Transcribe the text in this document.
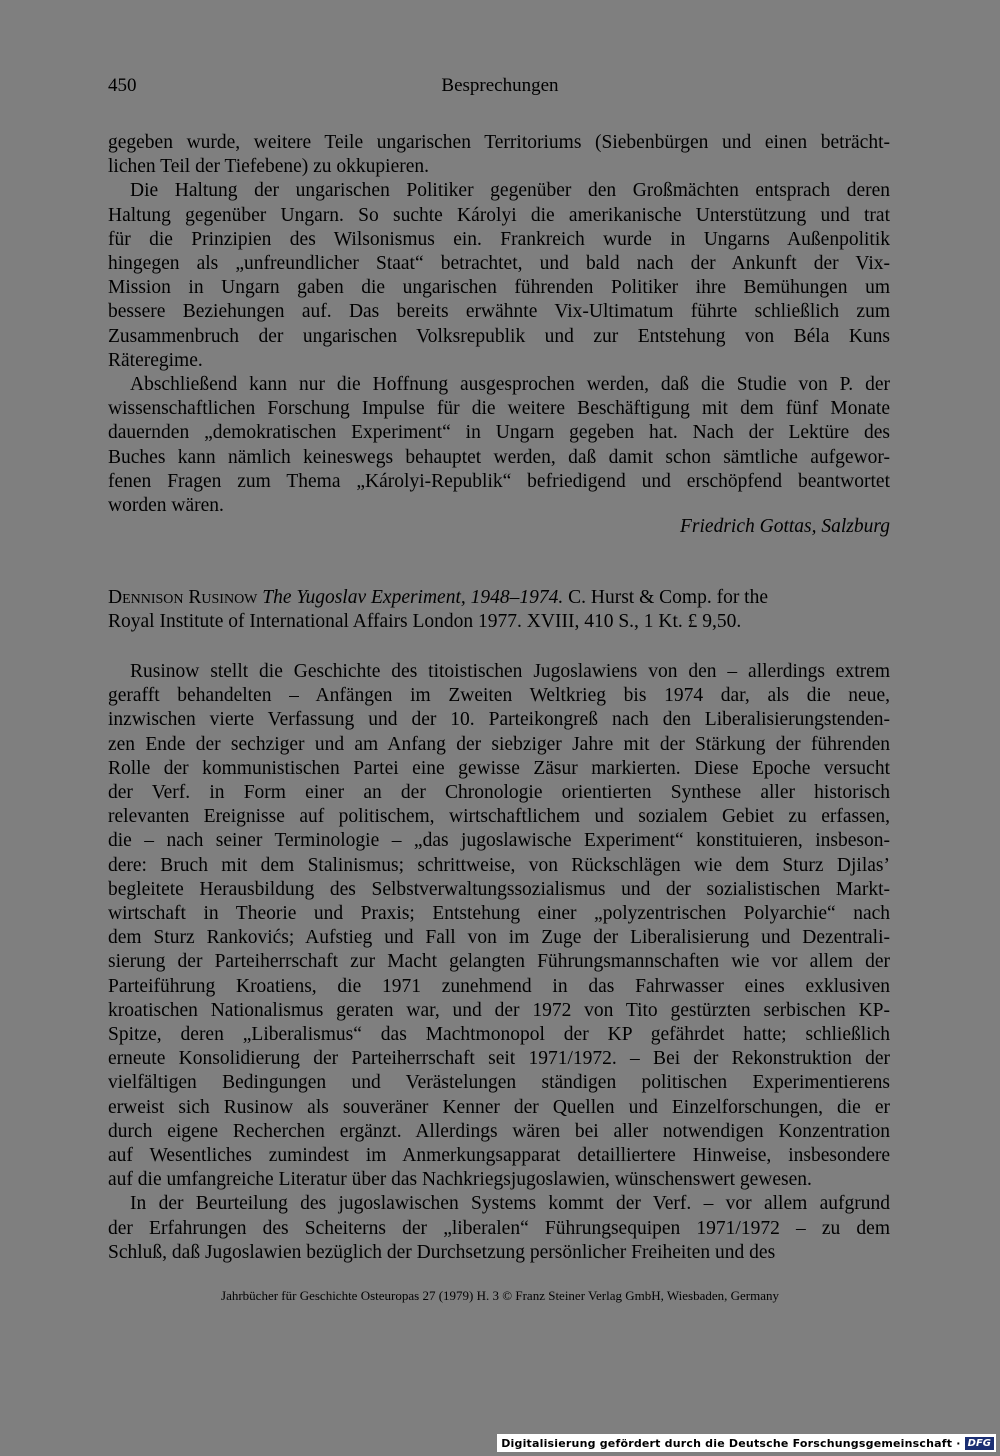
450	Besprechungen

gegeben wurde, weitere Teile ungarischen Territoriums (Siebenbürgen und einen beträcht-
lichen Teil der Tiefebene) zu okkupieren.

Die Haltung der ungarischen Politiker gegenüber den Großmächten entsprach deren
Haltung gegenüber Ungarn. So suchte Károlyi die amerikanische Unterstützung und trat
für die Prinzipien des Wilsonismus ein. Frankreich wurde in Ungarns Außenpolitik
hingegen als „unfreundlicher Staat“ betrachtet, und bald nach der Ankunft der Vix-
Mission in Ungarn gaben die ungarischen führenden Politiker ihre Bemühungen um
bessere Beziehungen auf. Das bereits erwähnte Vix-Ultimatum führte schließlich zum
Zusammenbruch der ungarischen Volksrepublik und zur Entstehung von Béla Kuns
Räteregime.

Abschließend kann nur die Hoffnung ausgesprochen werden, daß die Studie von P. der
wissenschaftlichen Forschung Impulse für die weitere Beschäftigung mit dem fünf Monate
dauernden „demokratischen Experiment“ in Ungarn gegeben hat. Nach der Lektüre des
Buches kann nämlich keineswegs behauptet werden, daß damit schon sämtliche aufgewor-
fenen Fragen zum Thema „Károlyi-Republik“ befriedigend und erschöpfend beantwortet
worden wären.

Friedrich Gottas, Salzburg
Dennison Rusinow The Yugoslav Experiment, 1948–1974. C. Hurst & Comp. for the
Royal Institute of International Affairs London 1977. XVIII, 410 S., 1 Kt. £ 9,50.

Rusinow stellt die Geschichte des titoistischen Jugoslawiens von den – allerdings extrem
gerafft behandelten – Anfängen im Zweiten Weltkrieg bis 1974 dar, als die neue,
inzwischen vierte Verfassung und der 10. Parteikongreß nach den Liberalisierungstenden-
zen Ende der sechziger und am Anfang der siebziger Jahre mit der Stärkung der führenden
Rolle der kommunistischen Partei eine gewisse Zäsur markierten. Diese Epoche versucht
der Verf. in Form einer an der Chronologie orientierten Synthese aller historisch
relevanten Ereignisse auf politischem, wirtschaftlichem und sozialem Gebiet zu erfassen,
die – nach seiner Terminologie – „das jugoslawische Experiment“ konstituieren, insbeson-
dere: Bruch mit dem Stalinismus; schrittweise, von Rückschlägen wie dem Sturz Djilas’
begleitete Herausbildung des Selbstverwaltungssozialismus und der sozialistischen Markt-
wirtschaft in Theorie und Praxis; Entstehung einer „polyzentrischen Polyarchie“ nach
dem Sturz Rankovićs; Aufstieg und Fall von im Zuge der Liberalisierung und Dezentrali-
sierung der Parteiherrschaft zur Macht gelangten Führungsmannschaften wie vor allem der
Parteiführung Kroatiens, die 1971 zunehmend in das Fahrwasser eines exklusiven
kroatischen Nationalismus geraten war, und der 1972 von Tito gestürzten serbischen KP-
Spitze, deren „Liberalismus“ das Machtmonopol der KP gefährdet hatte; schließlich
erneute Konsolidierung der Parteiherrschaft seit 1971/1972. – Bei der Rekonstruktion der
vielfältigen Bedingungen und Verästelungen ständigen politischen Experimentierens
erweist sich Rusinow als souveräner Kenner der Quellen und Einzelforschungen, die er
durch eigene Recherchen ergänzt. Allerdings wären bei aller notwendigen Konzentration
auf Wesentliches zumindest im Anmerkungsapparat detailliertere Hinweise, insbesondere
auf die umfangreiche Literatur über das Nachkriegsjugoslawien, wünschenswert gewesen.

In der Beurteilung des jugoslawischen Systems kommt der Verf. – vor allem aufgrund
der Erfahrungen des Scheiterns der „liberalen“ Führungsequipen 1971/1972 – zu dem
Schluß, daß Jugoslawien bezüglich der Durchsetzung persönlicher Freiheiten und des

Jahrbücher für Geschichte Osteuropas 27 (1979) H. 3 © Franz Steiner Verlag GmbH, Wiesbaden, Germany
Digitalisierung gefördert durch die Deutsche Forschungsgemeinschaft · DFG
